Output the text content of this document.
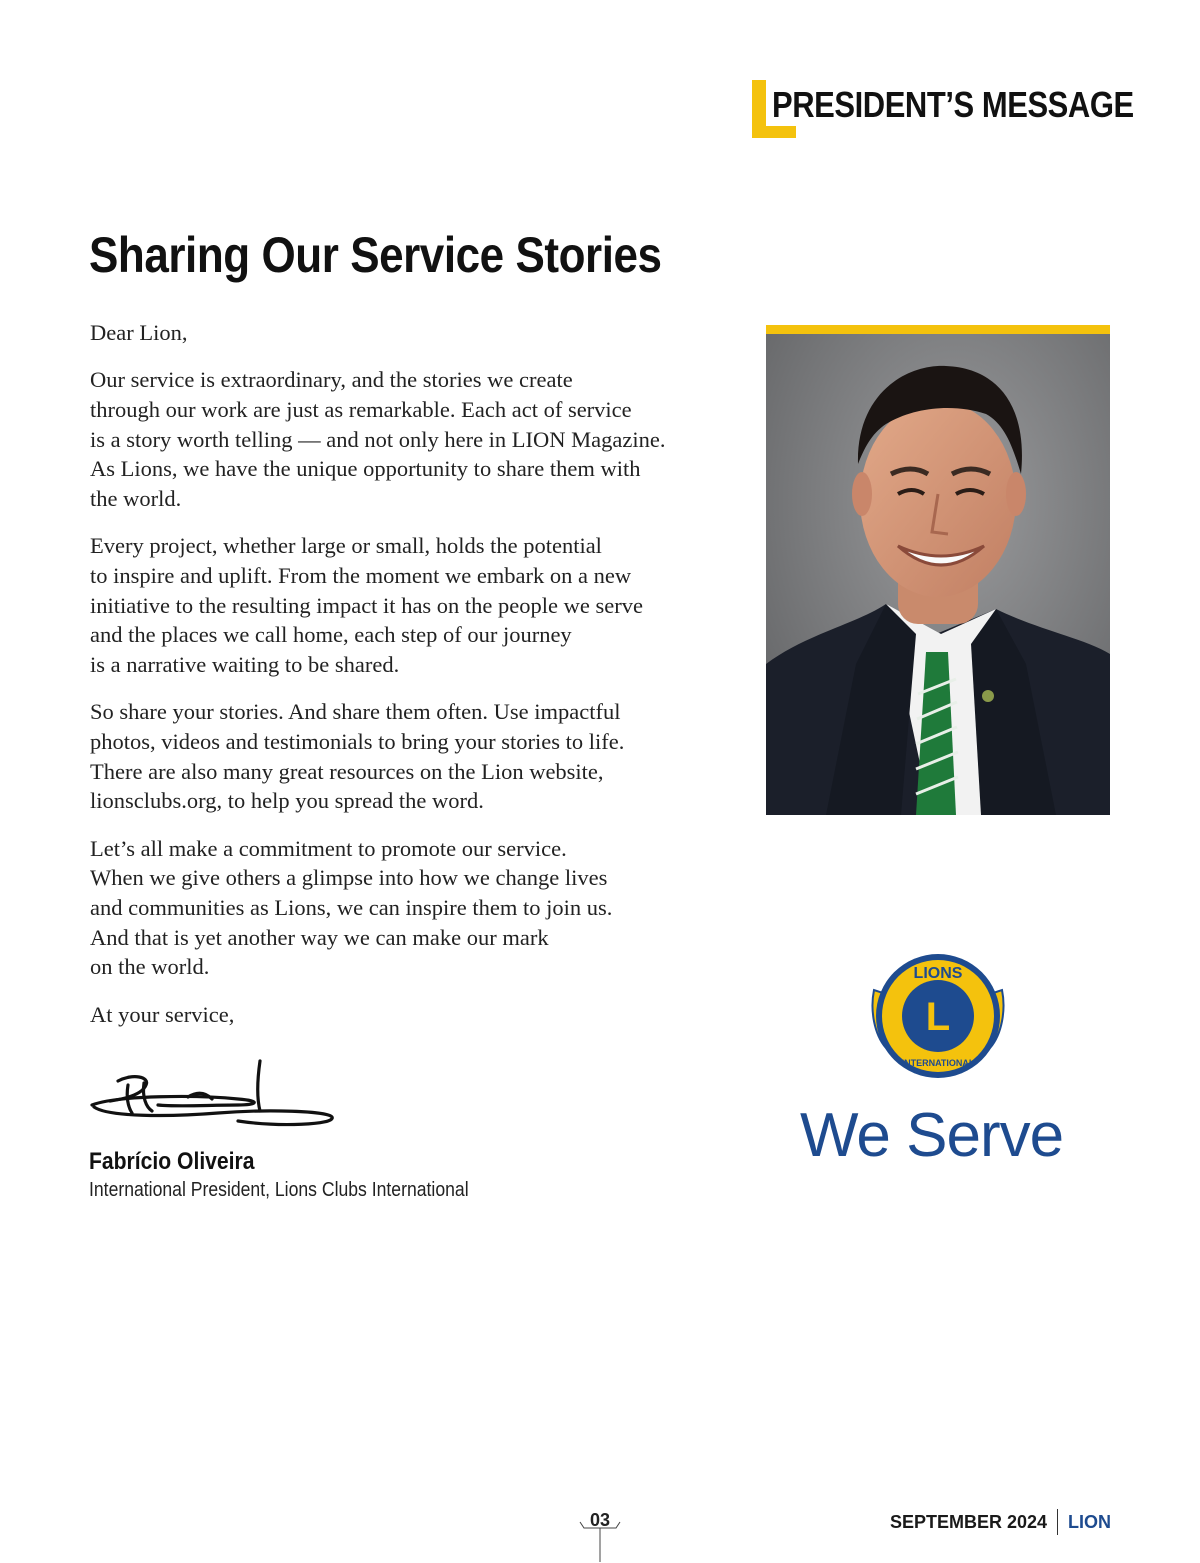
PRESIDENT’S MESSAGE
Sharing Our Service Stories

Dear Lion,

Our service is extraordinary, and the stories we create
through our work are just as remarkable. Each act of service
is a story worth telling — and not only here in LION Magazine.
As Lions, we have the unique opportunity to share them with
the world.

Every project, whether large or small, holds the potential
to inspire and uplift. From the moment we embark on a new
initiative to the resulting impact it has on the people we serve
and the places we call home, each step of our journey
is a narrative waiting to be shared.

So share your stories. And share them often. Use impactful
photos, videos and testimonials to bring your stories to life.
There are also many great resources on the Lion website,
lionsclubs.org, to help you spread the word.

Let’s all make a commitment to promote our service.
When we give others a glimpse into how we change lives
and communities as Lions, we can inspire them to join us.
And that is yet another way we can make our mark
on the world.

At your service,

Fabrício Oliveira
International President, Lions Clubs International
LIONS
L
INTERNATIONAL
We Serve
03	SEPTEMBER 2024 LION
